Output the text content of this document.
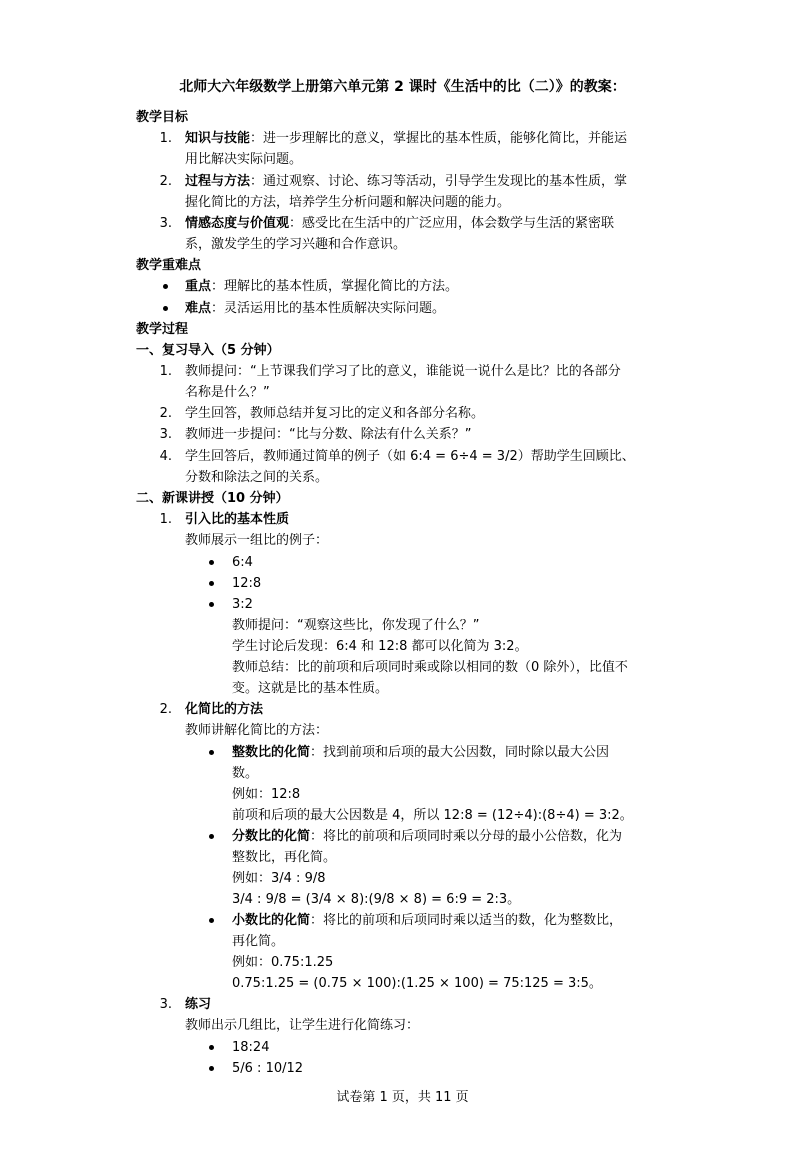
北师大六年级数学上册第六单元第 2 课时《生活中的比（二）》的教案：
教学目标
1. 知识与技能：进一步理解比的意义，掌握比的基本性质，能够化简比，并能运
用比解决实际问题。
2. 过程与方法：通过观察、讨论、练习等活动，引导学生发现比的基本性质，掌
握化简比的方法，培养学生分析问题和解决问题的能力。
3. 情感态度与价值观：感受比在生活中的广泛应用，体会数学与生活的紧密联
系，激发学生的学习兴趣和合作意识。
教学重难点
重点：理解比的基本性质，掌握化简比的方法。
难点：灵活运用比的基本性质解决实际问题。
教学过程
一、复习导入（5 分钟）
1. 教师提问：“上节课我们学习了比的意义，谁能说一说什么是比？比的各部分
名称是什么？”
2. 学生回答，教师总结并复习比的定义和各部分名称。
3. 教师进一步提问：“比与分数、除法有什么关系？”
4. 学生回答后，教师通过简单的例子（如 6:4 = 6÷4 = 3/2）帮助学生回顾比、
分数和除法之间的关系。
二、新课讲授（10 分钟）
1. 引入比的基本性质
教师展示一组比的例子：
6:4
12:8
3:2
教师提问：“观察这些比，你发现了什么？”
学生讨论后发现：6:4 和 12:8 都可以化简为 3:2。
教师总结：比的前项和后项同时乘或除以相同的数（0 除外），比值不
变。这就是比的基本性质。
2. 化简比的方法
教师讲解化简比的方法：
整数比的化简：找到前项和后项的最大公因数，同时除以最大公因
数。
例如：12:8
前项和后项的最大公因数是 4，所以 12:8 = (12÷4):(8÷4) = 3:2。
分数比的化简：将比的前项和后项同时乘以分母的最小公倍数，化为
整数比，再化简。
例如：3/4 : 9/8
3/4 : 9/8 = (3/4 × 8):(9/8 × 8) = 6:9 = 2:3。
小数比的化简：将比的前项和后项同时乘以适当的数，化为整数比，
再化简。
例如：0.75:1.25
0.75:1.25 = (0.75 × 100):(1.25 × 100) = 75:125 = 3:5。
3. 练习
教师出示几组比，让学生进行化简练习：
18:24
5/6 : 10/12
试卷第 1 页，共 11 页
